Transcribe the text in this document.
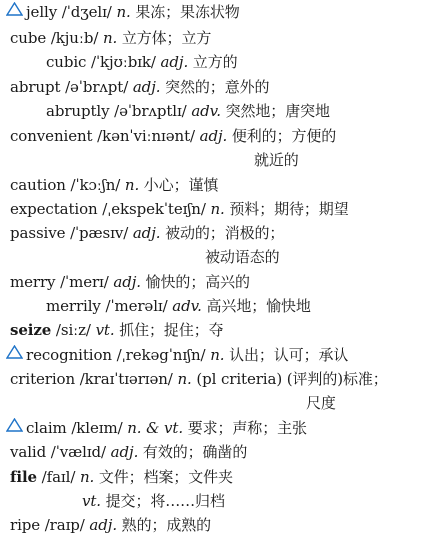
jelly /ˈdʒelɪ/ n. 果冻；果冻状物
cube /kjuːb/ n. 立方体；立方
cubic /ˈkjʊːbɪk/ adj. 立方的
abrupt /əˈbrʌpt/ adj. 突然的；意外的
abruptly /əˈbrʌptlɪ/ adv. 突然地；唐突地
convenient /kənˈviːnɪənt/ adj. 便利的；方便的
就近的
caution /ˈkɔːʃn/ n. 小心；谨慎
expectation /ˌekspekˈteɪʃn/ n. 预料；期待；期望
passive /ˈpæsɪv/ adj. 被动的；消极的；
被动语态的
merry /ˈmerɪ/ adj. 愉快的；高兴的
merrily /ˈmerəlɪ/ adv. 高兴地；愉快地
seize /siːz/ vt. 抓住；捉住；夺
recognition /ˌrekəgˈnɪʃn/ n. 认出；认可；承认
criterion /kraɪˈtɪərɪən/ n. (pl criteria) (评判的)标准；
尺度
claim /kleɪm/ n. & vt. 要求；声称；主张
valid /ˈvælɪd/ adj. 有效的；确凿的
file /faɪl/ n. 文件；档案；文件夹
vt. 提交；将……归档
ripe /raɪp/ adj. 熟的；成熟的
